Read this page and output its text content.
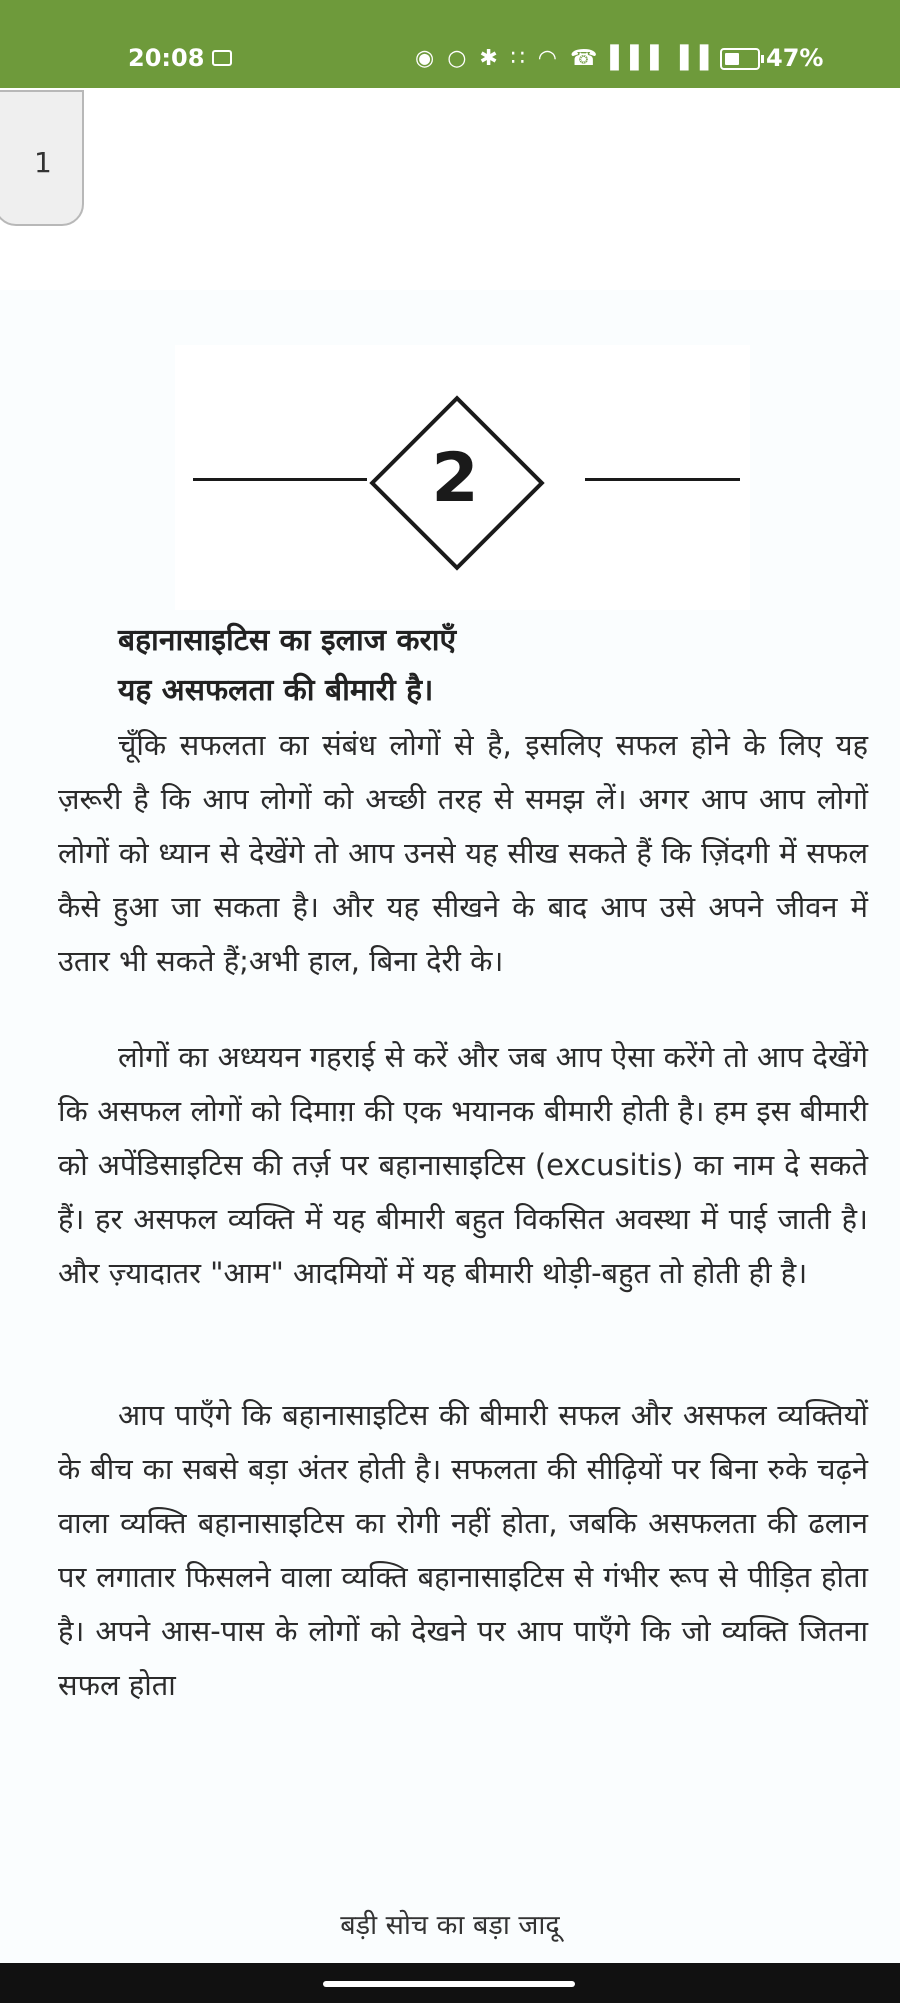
20:08	◉ ○ ✱ ∷ ◠ ☎ ▌▌▌ ▌▌ 47%
1
2
बहानासाइटिस का इलाज कराएँ
यह असफलता की बीमारी है।

चूँकि सफलता का संबंध लोगों से है, इसलिए सफल होने के लिए यह ज़रूरी है कि आप लोगों को अच्छी तरह से समझ लें। अगर आप आप लोगों लोगों को ध्यान से देखेंगे तो आप उनसे यह सीख सकते हैं कि ज़िंदगी में सफल कैसे हुआ जा सकता है। और यह सीखने के बाद आप उसे अपने जीवन में उतार भी सकते हैं;अभी हाल, बिना देरी के।

लोगों का अध्ययन गहराई से करें और जब आप ऐसा करेंगे तो आप देखेंगे कि असफल लोगों को दिमाग़ की एक भयानक बीमारी होती है। हम इस बीमारी को अपेंडिसाइटिस की तर्ज़ पर बहानासाइटिस (excusitis) का नाम दे सकते हैं। हर असफल व्यक्ति में यह बीमारी बहुत विकसित अवस्था में पाई जाती है। और ज़्यादातर "आम" आदमियों में यह बीमारी थोड़ी-बहुत तो होती ही है।

आप पाएँगे कि बहानासाइटिस की बीमारी सफल और असफल व्यक्तियों के बीच का सबसे बड़ा अंतर होती है। सफलता की सीढ़ियों पर बिना रुके चढ़ने वाला व्यक्ति बहानासाइटिस का रोगी नहीं होता, जबकि असफलता की ढलान पर लगातार फिसलने वाला व्यक्ति बहानासाइटिस से गंभीर रूप से पीड़ित होता है। अपने आस-पास के लोगों को देखने पर आप पाएँगे कि जो व्यक्ति जितना सफल होता

बड़ी सोच का बड़ा जादू
